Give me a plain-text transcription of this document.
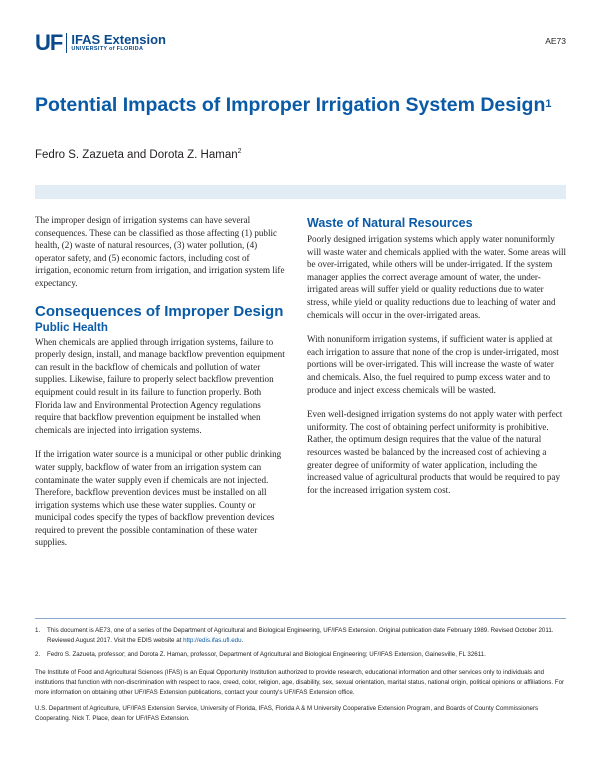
UF IFAS Extension
UNIVERSITY of FLORIDA
AE73
Potential Impacts of Improper Irrigation System Design$^1$
Fedro S. Zazueta and Dorota Z. Haman$^2$

The improper design of irrigation systems can have several consequences. These can be classified as those affecting (1) public health, (2) waste of natural resources, (3) water pollution, (4) operator safety, and (5) economic factors, including cost of irrigation, economic return from irrigation, and irrigation system life expectancy.

Consequences of Improper Design
Public Health

When chemicals are applied through irrigation systems, failure to properly design, install, and manage backflow prevention equipment can result in the backflow of chemicals and pollution of water supplies. Likewise, failure to properly select backflow prevention equipment could result in its failure to function properly. Both Florida law and Environmental Protection Agency regulations require that backflow prevention equipment be installed when chemicals are injected into irrigation systems.

If the irrigation water source is a municipal or other public drinking water supply, backflow of water from an irrigation system can contaminate the water supply even if chemicals are not injected. Therefore, backflow prevention devices must be installed on all irrigation systems which use these water supplies. County or municipal codes specify the types of backflow prevention devices required to prevent the possible contamination of these water supplies.

Waste of Natural Resources

Poorly designed irrigation systems which apply water nonuniformly will waste water and chemicals applied with the water. Some areas will be over-irrigated, while others will be under-irrigated. If the system manager applies the correct average amount of water, the under-irrigated areas will suffer yield or quality reductions due to water stress, while yield or quality reductions due to leaching of water and chemicals will occur in the over-irrigated areas.

With nonuniform irrigation systems, if sufficient water is applied at each irrigation to assure that none of the crop is under-irrigated, most portions will be over-irrigated. This will increase the waste of water and chemicals. Also, the fuel required to pump excess water and to produce and inject excess chemicals will be wasted.

Even well-designed irrigation systems do not apply water with perfect uniformity. The cost of obtaining perfect uniformity is prohibitive. Rather, the optimum design requires that the value of the natural resources wasted be balanced by the increased cost of achieving a greater degree of uniformity of water application, including the increased value of agricultural products that would be required to pay for the increased irrigation system cost.

1.	This document is AE73, one of a series of the Department of Agricultural and Biological Engineering, UF/IFAS Extension. Original publication date February 1989. Revised October 2011. Reviewed August 2017. Visit the EDIS website at http://edis.ifas.ufl.edu.
2.	Fedro S. Zazueta, professor; and Dorota Z. Haman, professor, Department of Agricultural and Biological Engineering; UF/IFAS Extension, Gainesville, FL 32611.

The Institute of Food and Agricultural Sciences (IFAS) is an Equal Opportunity Institution authorized to provide research, educational information and other services only to individuals and institutions that function with non-discrimination with respect to race, creed, color, religion, age, disability, sex, sexual orientation, marital status, national origin, political opinions or affiliations. For more information on obtaining other UF/IFAS Extension publications, contact your county's UF/IFAS Extension office.

U.S. Department of Agriculture, UF/IFAS Extension Service, University of Florida, IFAS, Florida A & M University Cooperative Extension Program, and Boards of County Commissioners Cooperating. Nick T. Place, dean for UF/IFAS Extension.
